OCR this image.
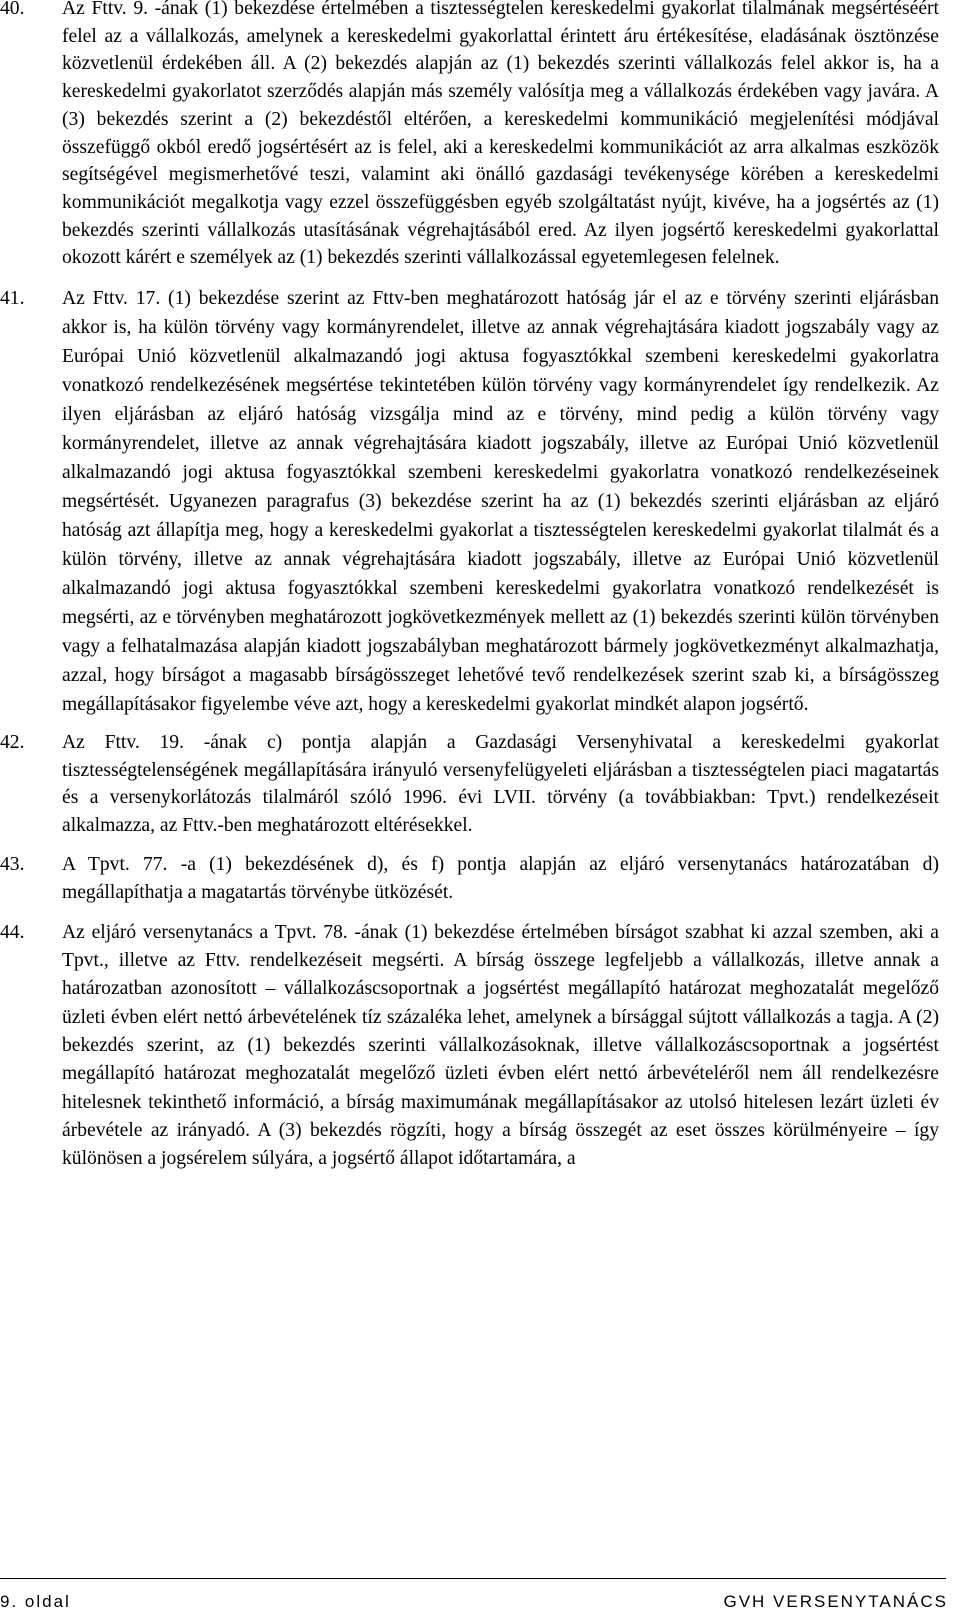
40.	Az Fttv. 9. -ának (1) bekezdése értelmében a tisztességtelen kereskedelmi gyakorlat tilalmának megsértéséért felel az a vállalkozás, amelynek a kereskedelmi gyakorlattal érintett áru értékesítése, eladásának ösztönzése közvetlenül érdekében áll. A (2) bekezdés alapján az (1) bekezdés szerinti vállalkozás felel akkor is, ha a kereskedelmi gyakorlatot szerződés alapján más személy valósítja meg a vállalkozás érdekében vagy javára. A (3) bekezdés szerint a (2) bekezdéstől eltérően, a kereskedelmi kommunikáció megjelenítési módjával összefüggő okból eredő jogsértésért az is felel, aki a kereskedelmi kommunikációt az arra alkalmas eszközök segítségével megismerhetővé teszi, valamint aki önálló gazdasági tevékenysége körében a kereskedelmi kommunikációt megalkotja vagy ezzel összefüggésben egyéb szolgáltatást nyújt, kivéve, ha a jogsértés az (1) bekezdés szerinti vállalkozás utasításának végrehajtásából ered. Az ilyen jogsértő kereskedelmi gyakorlattal okozott kárért e személyek az (1) bekezdés szerinti vállalkozással egyetemlegesen felelnek.

41.	Az Fttv. 17. (1) bekezdése szerint az Fttv-ben meghatározott hatóság jár el az e törvény szerinti eljárásban akkor is, ha külön törvény vagy kormányrendelet, illetve az annak végrehajtására kiadott jogszabály vagy az Európai Unió közvetlenül alkalmazandó jogi aktusa fogyasztókkal szembeni kereskedelmi gyakorlatra vonatkozó rendelkezésének megsértése tekintetében külön törvény vagy kormányrendelet így rendelkezik. Az ilyen eljárásban az eljáró hatóság vizsgálja mind az e törvény, mind pedig a külön törvény vagy kormányrendelet, illetve az annak végrehajtására kiadott jogszabály, illetve az Európai Unió közvetlenül alkalmazandó jogi aktusa fogyasztókkal szembeni kereskedelmi gyakorlatra vonatkozó rendelkezéseinek megsértését. Ugyanezen paragrafus (3) bekezdése szerint ha az (1) bekezdés szerinti eljárásban az eljáró hatóság azt állapítja meg, hogy a kereskedelmi gyakorlat a tisztességtelen kereskedelmi gyakorlat tilalmát és a külön törvény, illetve az annak végrehajtására kiadott jogszabály, illetve az Európai Unió közvetlenül alkalmazandó jogi aktusa fogyasztókkal szembeni kereskedelmi gyakorlatra vonatkozó rendelkezését is megsérti, az e törvényben meghatározott jogkövetkezmények mellett az (1) bekezdés szerinti külön törvényben vagy a felhatalmazása alapján kiadott jogszabályban meghatározott bármely jogkövetkezményt alkalmazhatja, azzal, hogy bírságot a magasabb bírságösszeget lehetővé tevő rendelkezések szerint szab ki, a bírságösszeg megállapításakor figyelembe véve azt, hogy a kereskedelmi gyakorlat mindkét alapon jogsértő.

42.	Az Fttv. 19. -ának c) pontja alapján a Gazdasági Versenyhivatal a kereskedelmi gyakorlat tisztességtelenségének megállapítására irányuló versenyfelügyeleti eljárásban a tisztességtelen piaci magatartás és a versenykorlátozás tilalmáról szóló 1996. évi LVII. törvény (a továbbiakban: Tpvt.) rendelkezéseit alkalmazza, az Fttv.-ben meghatározott eltérésekkel.

43.	A Tpvt. 77. -a (1) bekezdésének d), és f) pontja alapján az eljáró versenytanács határozatában d) megállapíthatja a magatartás törvénybe ütközését.

44.	Az eljáró versenytanács a Tpvt. 78. -ának (1) bekezdése értelmében bírságot szabhat ki azzal szemben, aki a Tpvt., illetve az Fttv. rendelkezéseit megsérti. A bírság összege legfeljebb a vállalkozás, illetve annak a határozatban azonosított – vállalkozáscsoportnak a jogsértést megállapító határozat meghozatalát megelőző üzleti évben elért nettó árbevételének tíz százaléka lehet, amelynek a bírsággal sújtott vállalkozás a tagja. A (2) bekezdés szerint, az (1) bekezdés szerinti vállalkozásoknak, illetve vállalkozáscsoportnak a jogsértést megállapító határozat meghozatalát megelőző üzleti évben elért nettó árbevételéről nem áll rendelkezésre hitelesnek tekinthető információ, a bírság maximumának megállapításakor az utolsó hitelesen lezárt üzleti év árbevétele az irányadó. A (3) bekezdés rögzíti, hogy a bírság összegét az eset összes körülményeire – így különösen a jogsérelem súlyára, a jogsértő állapot időtartamára, a

9. oldal	GVH VERSENYTANÁCS
